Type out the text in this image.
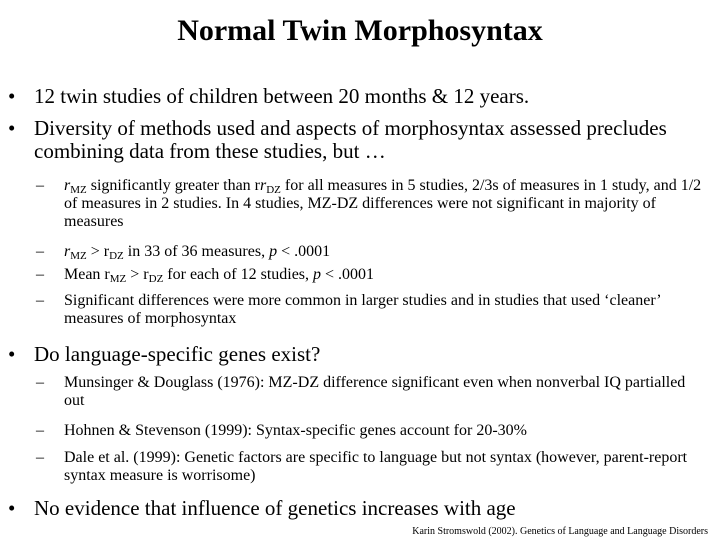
Normal Twin Morphosyntax
• 12 twin studies of children between 20 months & 12 years.
• Diversity of methods used and aspects of morphosyntax assessed precludes combining data from these studies, but …
– $r_{MZ}$ significantly greater than $rr_{DZ}$ for all measures in 5 studies, 2/3s of measures in 1 study, and 1/2 of measures in 2 studies. In 4 studies, MZ-DZ differences were not significant in majority of measures
– $r_{MZ} > r_{DZ}$ in 33 of 36 measures, p < .0001
– Mean $r_{MZ} > r_{DZ}$ for each of 12 studies, p < .0001
– Significant differences were more common in larger studies and in studies that used ‘cleaner’ measures of morphosyntax
• Do language-specific genes exist?
– Munsinger & Douglass (1976): MZ-DZ difference significant even when nonverbal IQ partialled out
– Hohnen & Stevenson (1999): Syntax-specific genes account for 20-30%
– Dale et al. (1999): Genetic factors are specific to language but not syntax (however, parent-report syntax measure is worrisome)
• No evidence that influence of genetics increases with age
Karin Stromswold (2002). Genetics of Language and Language Disorders
